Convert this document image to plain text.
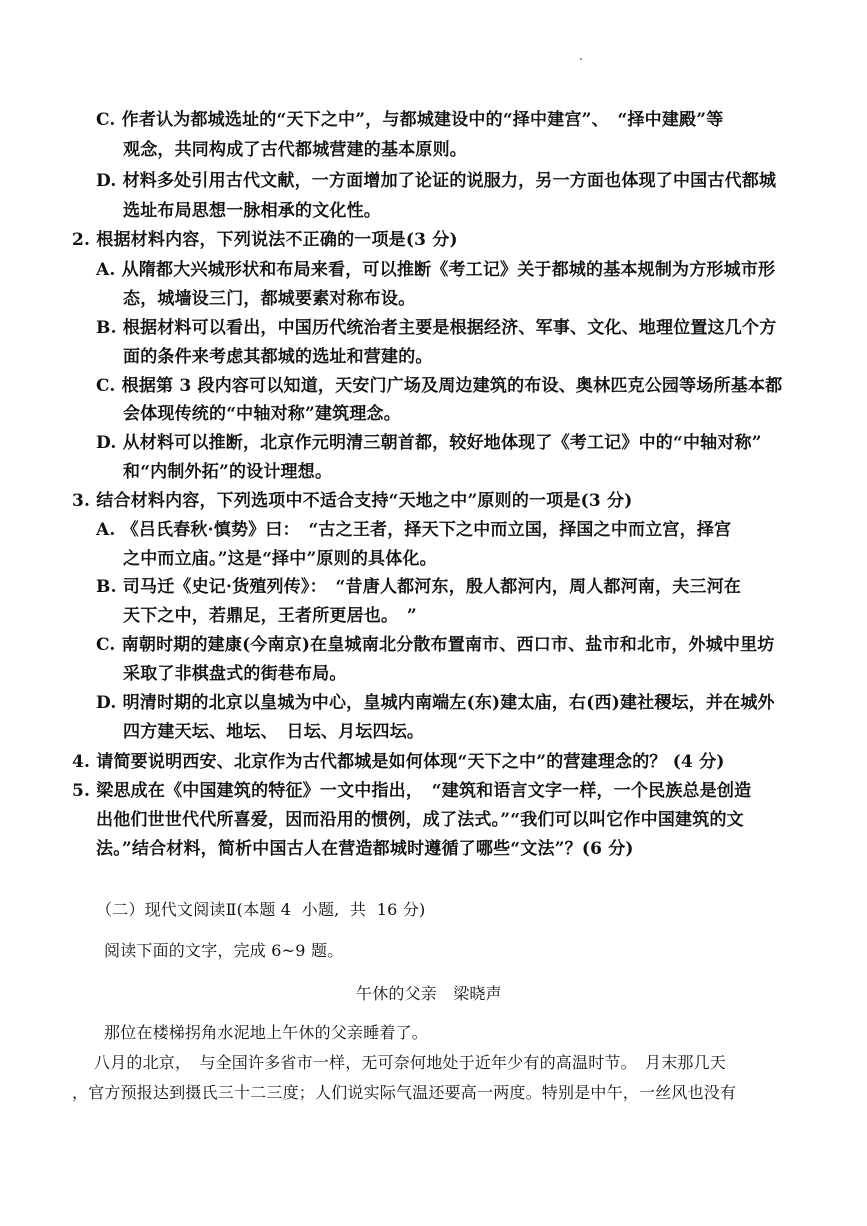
C. 作者认为都城选址的“天下之中”，与都城建设中的“择中建宫”、　“择中建殿”等
观念，共同构成了古代都城营建的基本原则。
D. 材料多处引用古代文献，一方面增加了论证的说服力，另一方面也体现了中国古代都城
选址布局思想一脉相承的文化性。
2. 根据材料内容，下列说法不正确的一项是(3 分)
A. 从隋都大兴城形状和布局来看，可以推断《考工记》关于都城的基本规制为方形城市形
态，城墙设三门，都城要素对称布设。
B. 根据材料可以看出，中国历代统治者主要是根据经济、军事、文化、地理位置这几个方
面的条件来考虑其都城的选址和营建的。
C. 根据第 3 段内容可以知道，天安门广场及周边建筑的布设、奥林匹克公园等场所基本都
会体现传统的“中轴对称”建筑理念。
D. 从材料可以推断，北京作元明清三朝首都，较好地体现了《考工记》中的“中轴对称”
和“内制外拓”的设计理想。
3. 结合材料内容，下列选项中不适合支持“天地之中”原则的一项是(3 分)
A. 《吕氏春秋·慎势》曰：　“古之王者，择天下之中而立国，择国之中而立宫，择宫
之中而立庙。”这是“择中”原则的具体化。
B. 司马迁《史记·货殖列传》：　“昔唐人都河东，殷人都河内，周人都河南，夫三河在
天下之中，若鼎足，王者所更居也。　”
C. 南朝时期的建康(今南京)在皇城南北分散布置南市、西口市、盐市和北市，外城中里坊
采取了非棋盘式的街巷布局。
D. 明清时期的北京以皇城为中心，皇城内南端左(东)建太庙，右(西)建社稷坛，并在城外
四方建天坛、地坛、　日坛、月坛四坛。
4. 请简要说明西安、北京作为古代都城是如何体现“天下之中”的营建理念的？ (4 分)
5. 梁思成在《中国建筑的特征》一文中指出，　“建筑和语言文字一样，一个民族总是创造
出他们世世代代所喜爱，因而沿用的惯例，成了法式。”“我们可以叫它作中国建筑的文
法。”结合材料，简析中国古人在营造都城时遵循了哪些“文法”？(6 分)
（二）现代文阅读Ⅱ(本题 4  小题,  共  16 分)
阅读下面的文字，完成 6~9 题。
午休的父亲　梁晓声
那位在楼梯拐角水泥地上午休的父亲睡着了。
八月的北京，　与全国许多省市一样，无可奈何地处于近年少有的高温时节。　月末那几天
，官方预报达到摄氏三十二三度；人们说实际气温还要高一两度。特别是中午，一丝风也没有
